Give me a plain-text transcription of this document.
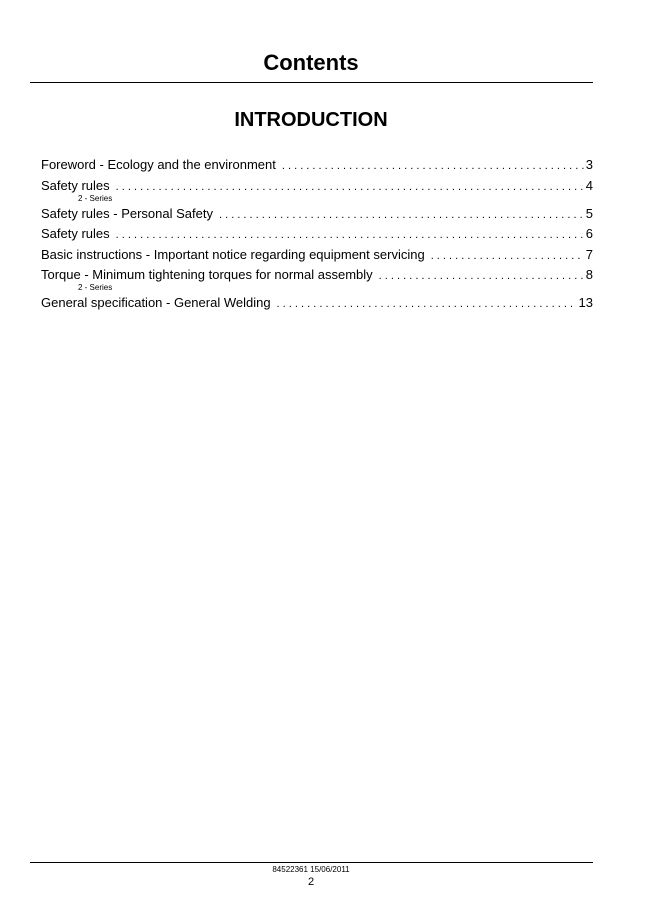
Contents
INTRODUCTION
Foreword - Ecology and the environment . . .	3
Safety rules . . .	4
2 - Series
Safety rules - Personal Safety . . .	5
Safety rules . . .	6
Basic instructions - Important notice regarding equipment servicing . . .	7
Torque - Minimum tightening torques for normal assembly . . .	8
2 - Series
General specification - General Welding . . .	13
84522361 15/06/2011
2
